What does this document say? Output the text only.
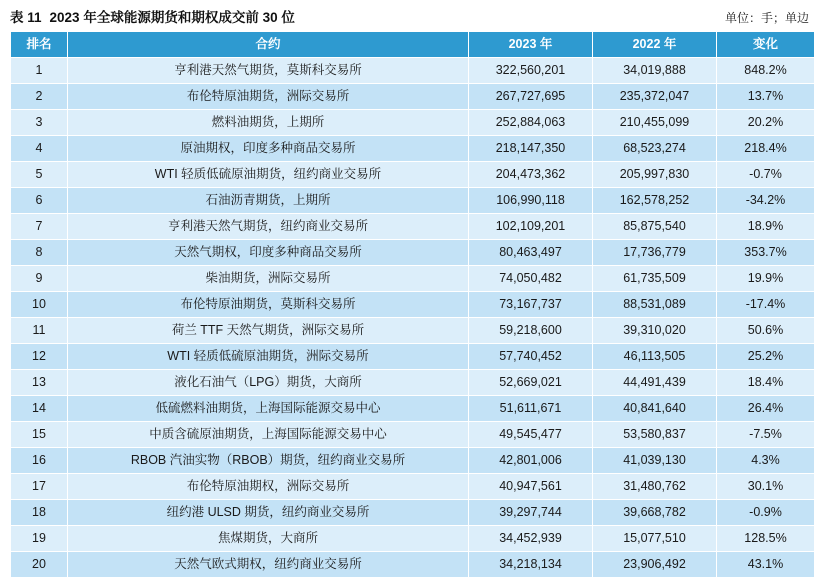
表 11 2023 年全球能源期货和期权成交前 30 位	单位：手；单边
排名	合约	2023 年	2022 年	变化
1	亨利港天然气期货，莫斯科交易所	322,560,201	34,019,888	848.2%
2	布伦特原油期货，洲际交易所	267,727,695	235,372,047	13.7%
3	燃料油期货，上期所	252,884,063	210,455,099	20.2%
4	原油期权，印度多种商品交易所	218,147,350	68,523,274	218.4%
5	WTI 轻质低硫原油期货，纽约商业交易所	204,473,362	205,997,830	-0.7%
6	石油沥青期货，上期所	106,990,118	162,578,252	-34.2%
7	亨利港天然气期货，纽约商业交易所	102,109,201	85,875,540	18.9%
8	天然气期权，印度多种商品交易所	80,463,497	17,736,779	353.7%
9	柴油期货，洲际交易所	74,050,482	61,735,509	19.9%
10	布伦特原油期货，莫斯科交易所	73,167,737	88,531,089	-17.4%
11	荷兰 TTF 天然气期货，洲际交易所	59,218,600	39,310,020	50.6%
12	WTI 轻质低硫原油期货，洲际交易所	57,740,452	46,113,505	25.2%
13	液化石油气（LPG）期货，大商所	52,669,021	44,491,439	18.4%
14	低硫燃料油期货，上海国际能源交易中心	51,611,671	40,841,640	26.4%
15	中质含硫原油期货，上海国际能源交易中心	49,545,477	53,580,837	-7.5%
16	RBOB 汽油实物（RBOB）期货，纽约商业交易所	42,801,006	41,039,130	4.3%
17	布伦特原油期权，洲际交易所	40,947,561	31,480,762	30.1%
18	纽约港 ULSD 期货，纽约商业交易所	39,297,744	39,668,782	-0.9%
19	焦煤期货，大商所	34,452,939	15,077,510	128.5%
20	天然气欧式期权，纽约商业交易所	34,218,134	23,906,492	43.1%
